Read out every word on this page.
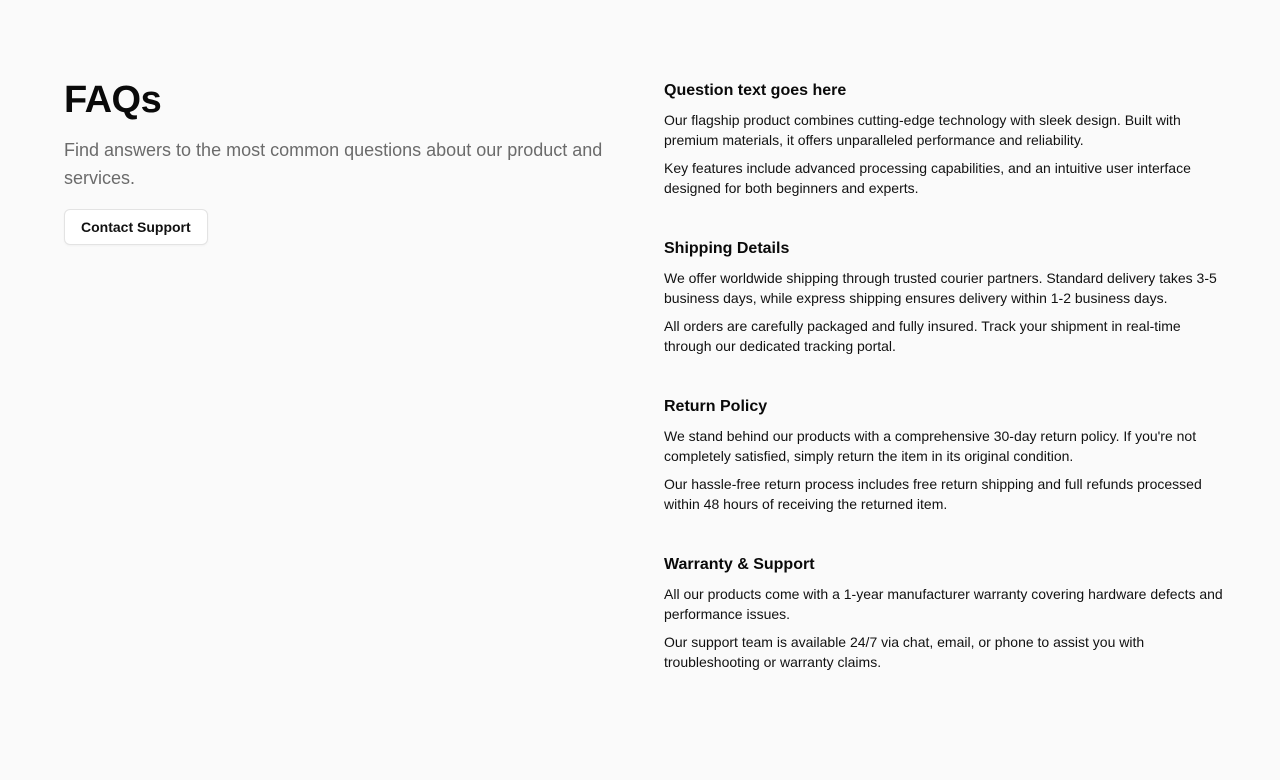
FAQs

Find answers to the most common questions about our product and services.

Contact Support
Question text goes here

Our flagship product combines cutting-edge technology with sleek design. Built with premium materials, it offers unparalleled performance and reliability.

Key features include advanced processing capabilities, and an intuitive user interface designed for both beginners and experts.

Shipping Details

We offer worldwide shipping through trusted courier partners. Standard delivery takes 3-5 business days, while express shipping ensures delivery within 1-2 business days.

All orders are carefully packaged and fully insured. Track your shipment in real-time through our dedicated tracking portal.

Return Policy

We stand behind our products with a comprehensive 30-day return policy. If you're not completely satisfied, simply return the item in its original condition.

Our hassle-free return process includes free return shipping and full refunds processed within 48 hours of receiving the returned item.

Warranty & Support

All our products come with a 1-year manufacturer warranty covering hardware defects and performance issues.

Our support team is available 24/7 via chat, email, or phone to assist you with troubleshooting or warranty claims.
